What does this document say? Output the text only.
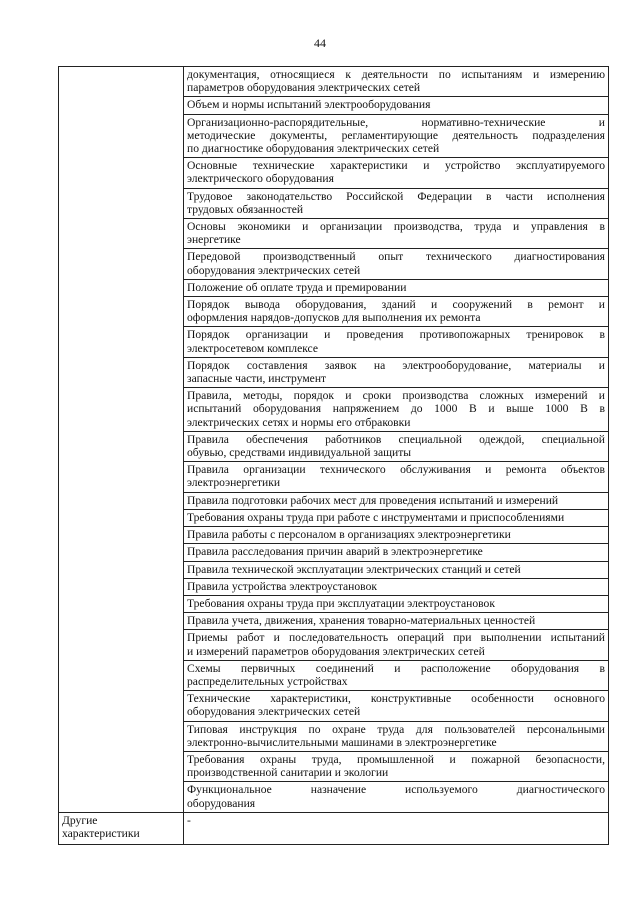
44

	документация, относящиеся к деятельности по испытаниям и измерению
параметров оборудования электрических сетей

	Объем и нормы испытаний электрооборудования

	Организационно-распорядительные, нормативно-технические и
методические документы, регламентирующие деятельность подразделения
по диагностике оборудования электрических сетей

	Основные технические характеристики и устройство эксплуатируемого
электрического оборудования

	Трудовое законодательство Российской Федерации в части исполнения
трудовых обязанностей

	Основы экономики и организации производства, труда и управления в
энергетике

	Передовой производственный опыт технического диагностирования
оборудования электрических сетей

	Положение об оплате труда и премировании

	Порядок вывода оборудования, зданий и сооружений в ремонт и
оформления нарядов-допусков для выполнения их ремонта

	Порядок организации и проведения противопожарных тренировок в
электросетевом комплексе

	Порядок составления заявок на электрооборудование, материалы и
запасные части, инструмент

	Правила, методы, порядок и сроки производства сложных измерений и
испытаний оборудования напряжением до 1000 В и выше 1000 В в
электрических сетях и нормы его отбраковки

	Правила обеспечения работников специальной одеждой, специальной
обувью, средствами индивидуальной защиты

	Правила организации технического обслуживания и ремонта объектов
электроэнергетики

	Правила подготовки рабочих мест для проведения испытаний и измерений

	Требования охраны труда при работе с инструментами и приспособлениями

	Правила работы с персоналом в организациях электроэнергетики

	Правила расследования причин аварий в электроэнергетике

	Правила технической эксплуатации электрических станций и сетей

	Правила устройства электроустановок

	Требования охраны труда при эксплуатации электроустановок

	Правила учета, движения, хранения товарно-материальных ценностей

	Приемы работ и последовательность операций при выполнении испытаний
и измерений параметров оборудования электрических сетей

	Схемы первичных соединений и расположение оборудования в
распределительных устройствах

	Технические характеристики, конструктивные особенности основного
оборудования электрических сетей

	Типовая инструкция по охране труда для пользователей персональными
электронно-вычислительными машинами в электроэнергетике

	Требования охраны труда, промышленной и пожарной безопасности,
производственной санитарии и экологии

	Функциональное назначение используемого диагностического
оборудования

Другие
характеристики	-
